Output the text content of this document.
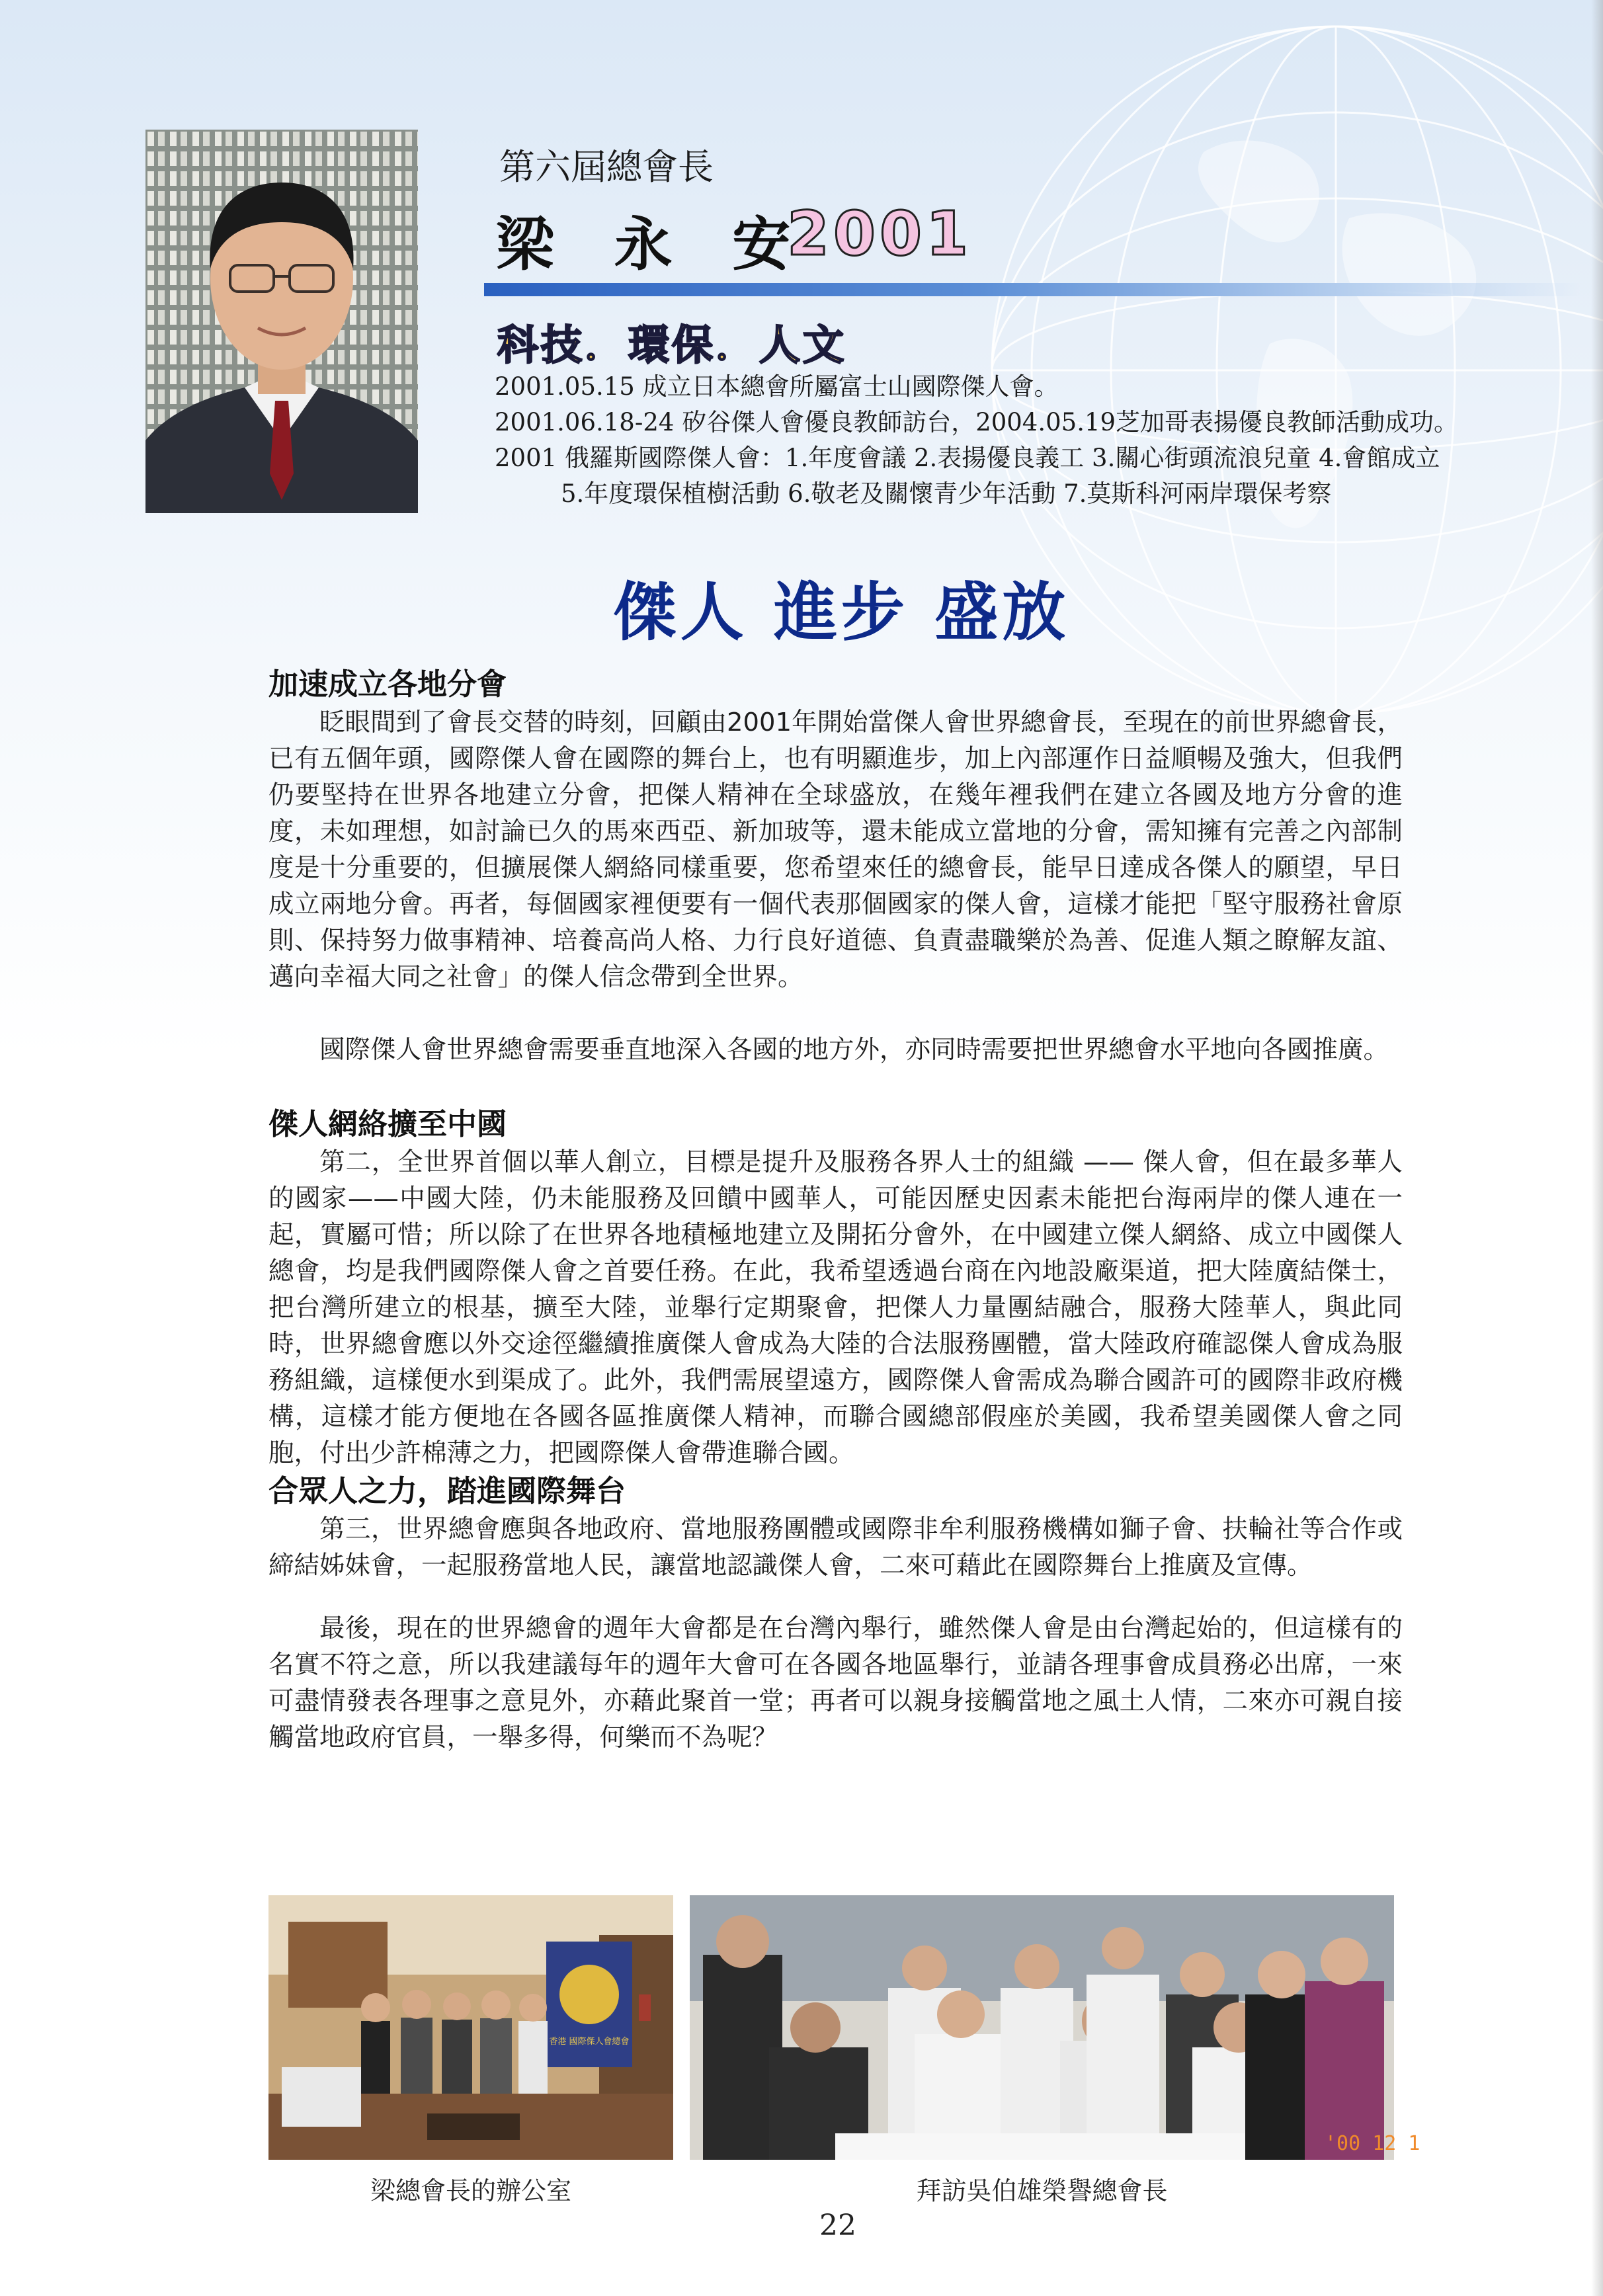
第六屆總會長
梁 永 安
2001
科技．環保．人文
2001.05.15 成立日本總會所屬富士山國際傑人會。
2001.06.18-24 矽谷傑人會優良教師訪台，2004.05.19芝加哥表揚優良教師活動成功。
2001 俄羅斯國際傑人會：1.年度會議 2.表揚優良義工 3.關心街頭流浪兒童 4.會館成立
5.年度環保植樹活動 6.敬老及關懷青少年活動 7.莫斯科河兩岸環保考察
傑人 進步 盛放
加速成立各地分會

眨眼間到了會長交替的時刻，回顧由2001年開始當傑人會世界總會長，至現在的前世界總會長，已有五個年頭，國際傑人會在國際的舞台上，也有明顯進步，加上內部運作日益順暢及強大，但我們仍要堅持在世界各地建立分會，把傑人精神在全球盛放，在幾年裡我們在建立各國及地方分會的進度，未如理想，如討論已久的馬來西亞、新加玻等，還未能成立當地的分會，需知擁有完善之內部制度是十分重要的，但擴展傑人網絡同樣重要，您希望來任的總會長，能早日達成各傑人的願望，早日成立兩地分會。再者，每個國家裡便要有一個代表那個國家的傑人會，這樣才能把「堅守服務社會原則、保持努力做事精神、培養高尚人格、力行良好道德、負責盡職樂於為善、促進人類之瞭解友誼、邁向幸福大同之社會」的傑人信念帶到全世界。

國際傑人會世界總會需要垂直地深入各國的地方外，亦同時需要把世界總會水平地向各國推廣。

傑人網絡擴至中國

第二，全世界首個以華人創立，目標是提升及服務各界人士的組織 —— 傑人會，但在最多華人的國家——中國大陸，仍未能服務及回饋中國華人，可能因歷史因素未能把台海兩岸的傑人連在一起，實屬可惜；所以除了在世界各地積極地建立及開拓分會外，在中國建立傑人網絡、成立中國傑人總會，均是我們國際傑人會之首要任務。在此，我希望透過台商在內地設廠渠道，把大陸廣結傑士，把台灣所建立的根基，擴至大陸，並舉行定期聚會，把傑人力量團結融合，服務大陸華人，與此同時，世界總會應以外交途徑繼續推廣傑人會成為大陸的合法服務團體，當大陸政府確認傑人會成為服務組織，這樣便水到渠成了。此外，我們需展望遠方，國際傑人會需成為聯合國許可的國際非政府機構，這樣才能方便地在各國各區推廣傑人精神，而聯合國總部假座於美國，我希望美國傑人會之同胞，付出少許棉薄之力，把國際傑人會帶進聯合國。

合眾人之力，踏進國際舞台

第三，世界總會應與各地政府、當地服務團體或國際非牟利服務機構如獅子會、扶輪社等合作或締結姊妹會，一起服務當地人民，讓當地認識傑人會，二來可藉此在國際舞台上推廣及宣傳。

最後，現在的世界總會的週年大會都是在台灣內舉行，雖然傑人會是由台灣起始的，但這樣有的名實不符之意，所以我建議每年的週年大會可在各國各地區舉行，並請各理事會成員務必出席，一來可盡情發表各理事之意見外，亦藉此聚首一堂；再者可以親身接觸當地之風土人情，二來亦可親自接觸當地政府官員，一舉多得，何樂而不為呢？

香港 國際傑人會總會
'00 12 1
梁總會長的辦公室	拜訪吳伯雄榮譽總會長
22
